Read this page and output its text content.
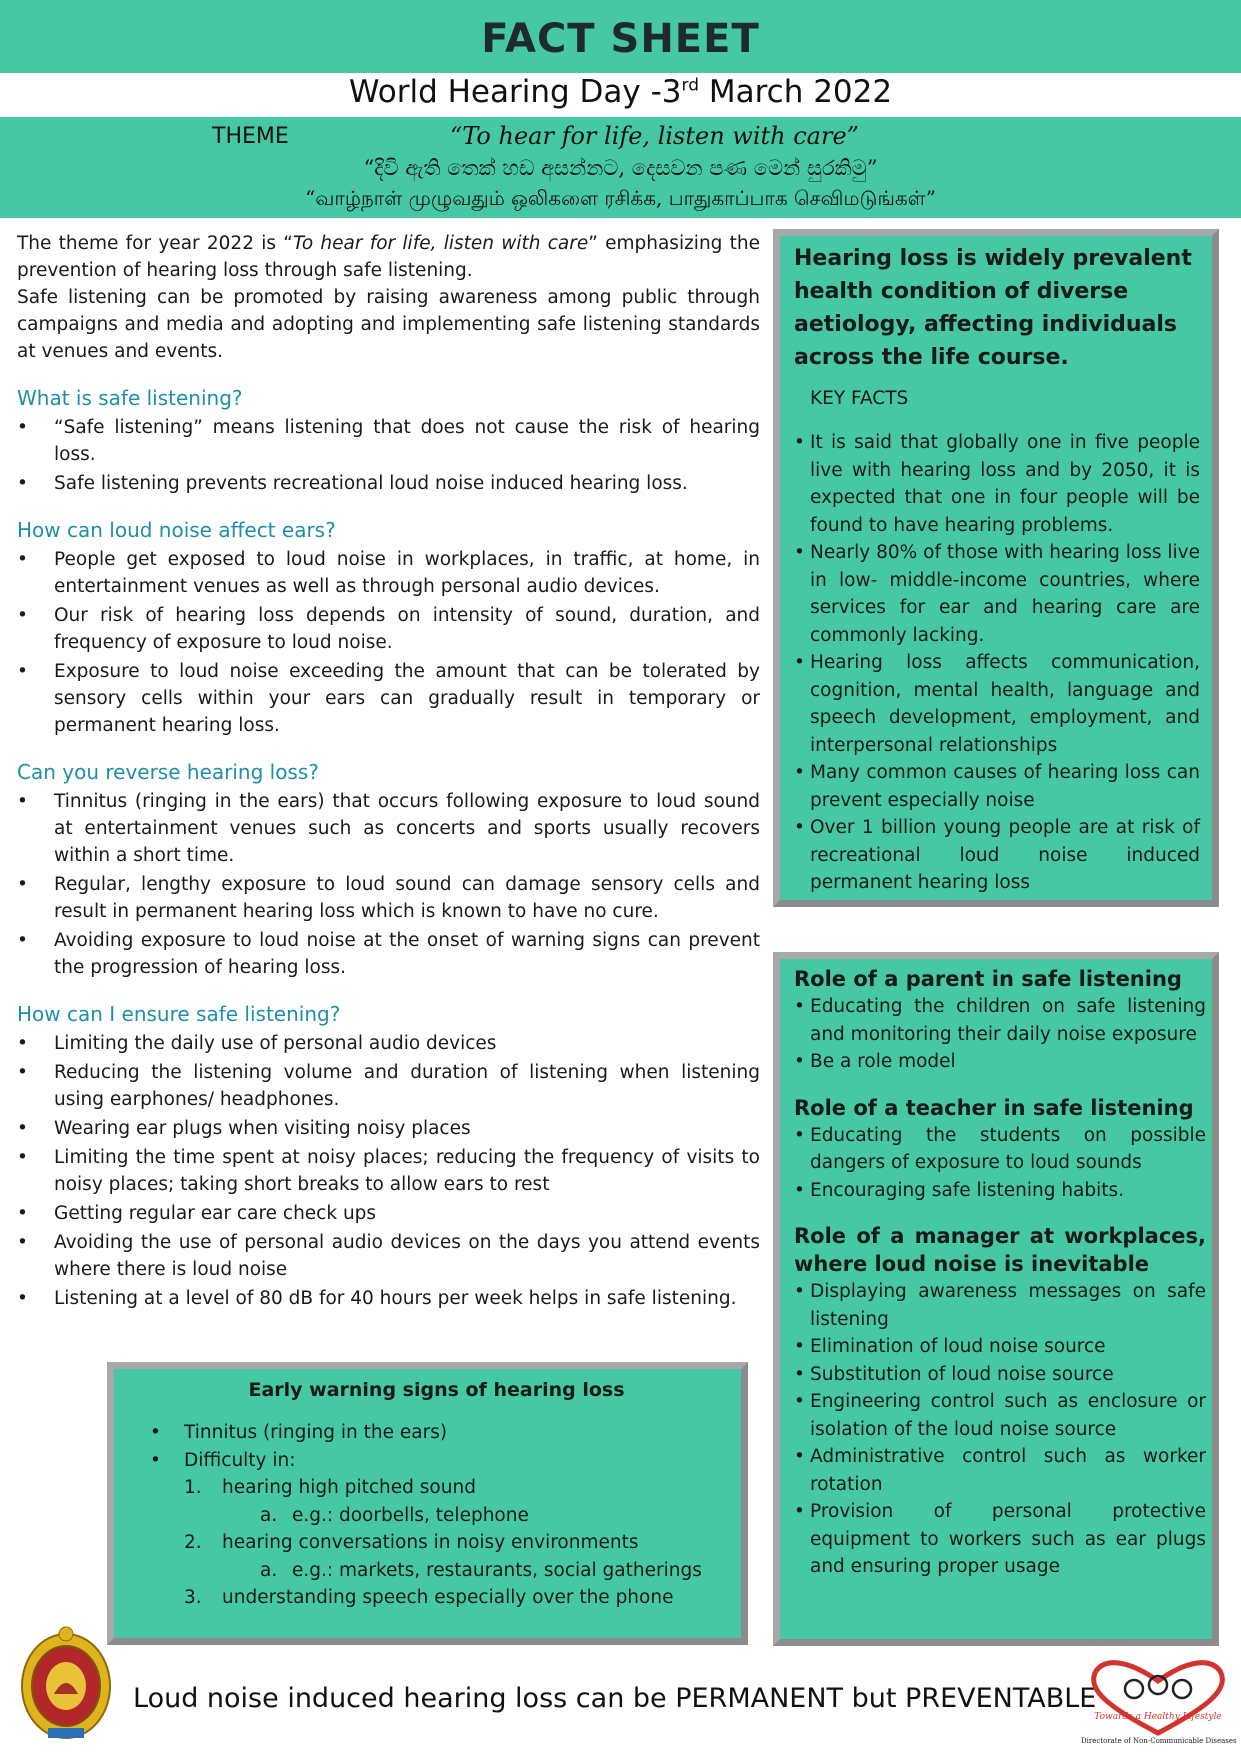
FACT SHEET
World Hearing Day -3rd March 2022
THEME	“To hear for life, listen with care”
“දිවි ඇති තෙක් හඩ අසන්නට, දෙසවන පණ මෙන් සුරකිමු”
“வாழ்நாள் முழுவதும் ஒலிகளை ரசிக்க, பாதுகாப்பாக செவிமடுங்கள்”

The theme for year 2022 is “To hear for life, listen with care” emphasizing the prevention of hearing loss through safe listening.

Safe listening can be promoted by raising awareness among public through campaigns and media and adopting and implementing safe listening standards at venues and events.

What is safe listening?
• “Safe listening” means listening that does not cause the risk of hearing loss.
• Safe listening prevents recreational loud noise induced hearing loss.
How can loud noise affect ears?
• People get exposed to loud noise in workplaces, in traffic, at home, in entertainment venues as well as through personal audio devices.
• Our risk of hearing loss depends on intensity of sound, duration, and frequency of exposure to loud noise.
• Exposure to loud noise exceeding the amount that can be tolerated by sensory cells within your ears can gradually result in temporary or permanent hearing loss.
Can you reverse hearing loss?
• Tinnitus (ringing in the ears) that occurs following exposure to loud sound at entertainment venues such as concerts and sports usually recovers within a short time.
• Regular, lengthy exposure to loud sound can damage sensory cells and result in permanent hearing loss which is known to have no cure.
• Avoiding exposure to loud noise at the onset of warning signs can prevent the progression of hearing loss.
How can I ensure safe listening?
• Limiting the daily use of personal audio devices
• Reducing the listening volume and duration of listening when listening using earphones/ headphones.
• Wearing ear plugs when visiting noisy places
• Limiting the time spent at noisy places; reducing the frequency of visits to noisy places; taking short breaks to allow ears to rest
• Getting regular ear care check ups
• Avoiding the use of personal audio devices on the days you attend events where there is loud noise
• Listening at a level of 80 dB for 40 hours per week helps in safe listening.
Early warning signs of hearing loss
• Tinnitus (ringing in the ears)
• Difficulty in:
1. hearing high pitched sound
a. e.g.: doorbells, telephone
2. hearing conversations in noisy environments
a. e.g.: markets, restaurants, social gatherings
3. understanding speech especially over the phone
Hearing loss is widely prevalent health condition of diverse aetiology, affecting individuals across the life course.
KEY FACTS
• It is said that globally one in five people live with hearing loss and by 2050, it is expected that one in four people will be found to have hearing problems.
• Nearly 80% of those with hearing loss live in low- middle-income countries, where services for ear and hearing care are commonly lacking.
• Hearing loss affects communication, cognition, mental health, language and speech development, employment, and interpersonal relationships
• Many common causes of hearing loss can prevent especially noise
• Over 1 billion young people are at risk of recreational loud noise induced permanent hearing loss
Role of a parent in safe listening
• Educating the children on safe listening and monitoring their daily noise exposure
• Be a role model
Role of a teacher in safe listening
• Educating the students on possible dangers of exposure to loud sounds
• Encouraging safe listening habits.
Role of a manager at workplaces, where loud noise is inevitable
• Displaying awareness messages on safe listening
• Elimination of loud noise source
• Substitution of loud noise source
• Engineering control such as enclosure or isolation of the loud noise source
• Administrative control such as worker rotation
• Provision of personal protective equipment to workers such as ear plugs and ensuring proper usage
Loud noise induced hearing loss can be PERMANENT but PREVENTABLE
Towards a Healthy Lifestyle
Directorate of Non-Communicable Diseases
